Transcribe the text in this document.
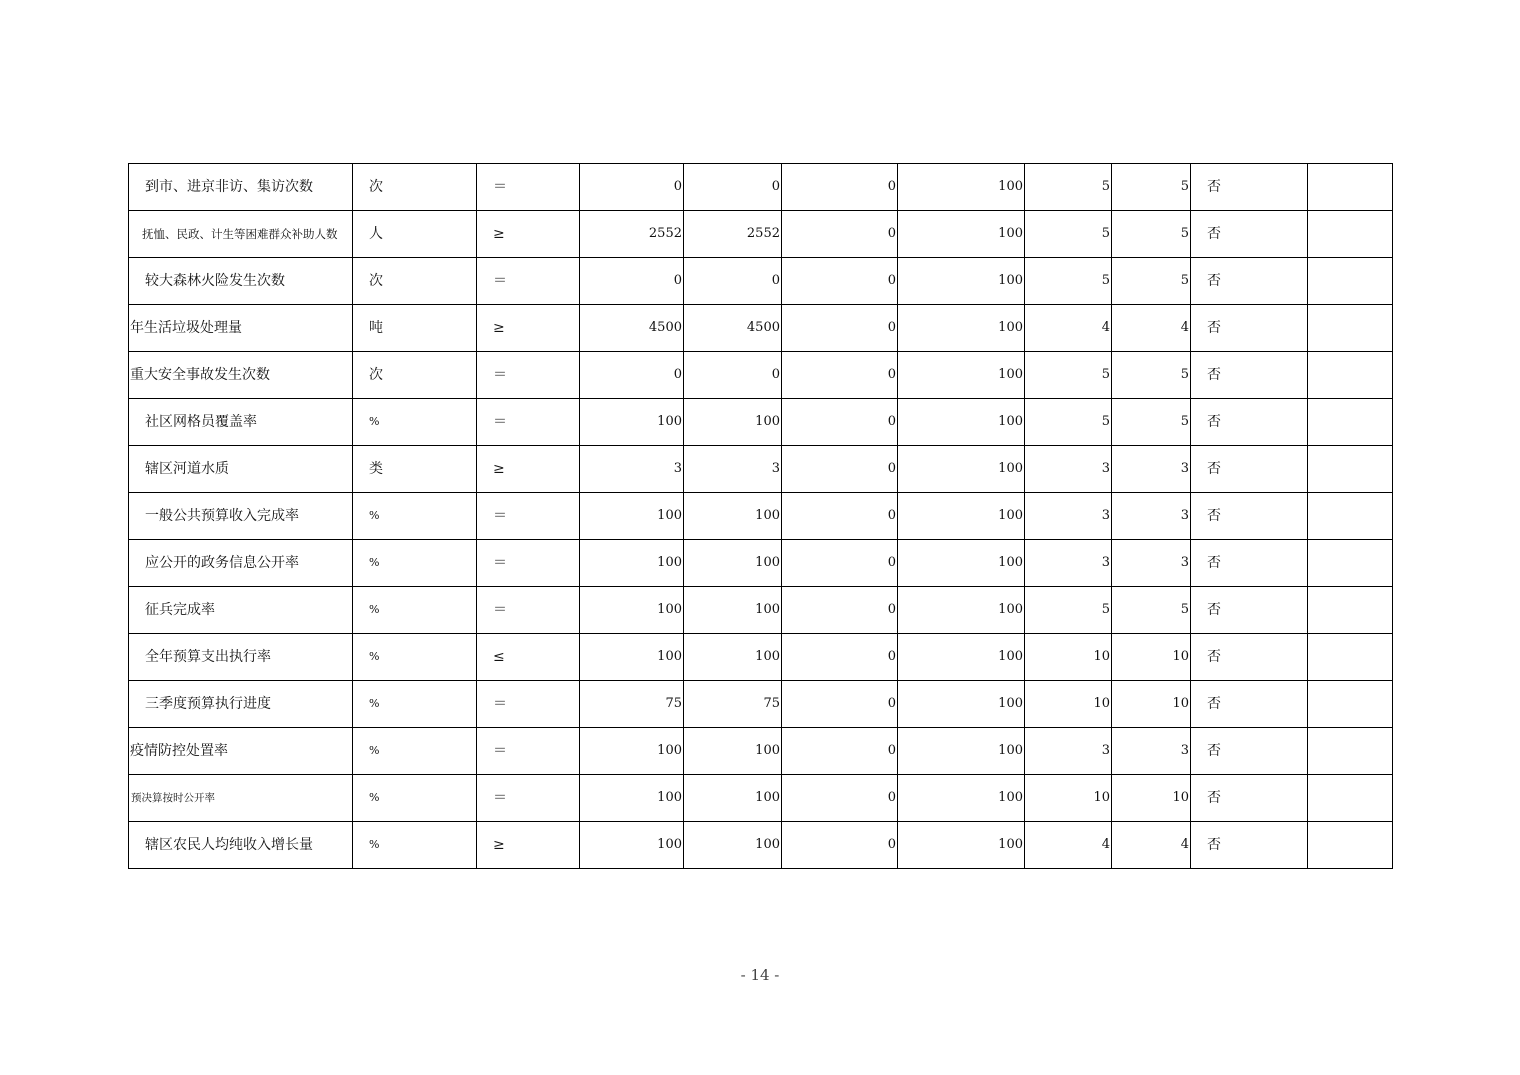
到市、进京非访、集访次数	次	＝	0	0	0	100	5	5	否	
抚恤、民政、计生等困难群众补助人数	人	≥	2552	2552	0	100	5	5	否	
较大森林火险发生次数	次	＝	0	0	0	100	5	5	否	
年生活垃圾处理量	吨	≥	4500	4500	0	100	4	4	否	
重大安全事故发生次数	次	＝	0	0	0	100	5	5	否	
社区网格员覆盖率	%	＝	100	100	0	100	5	5	否	
辖区河道水质	类	≥	3	3	0	100	3	3	否	
一般公共预算收入完成率	%	＝	100	100	0	100	3	3	否	
应公开的政务信息公开率	%	＝	100	100	0	100	3	3	否	
征兵完成率	%	＝	100	100	0	100	5	5	否	
全年预算支出执行率	%	≤	100	100	0	100	10	10	否	
三季度预算执行进度	%	＝	75	75	0	100	10	10	否	
疫情防控处置率	%	＝	100	100	0	100	3	3	否	
预决算按时公开率	%	＝	100	100	0	100	10	10	否	
辖区农民人均纯收入增长量	%	≥	100	100	0	100	4	4	否	
- 14 -
